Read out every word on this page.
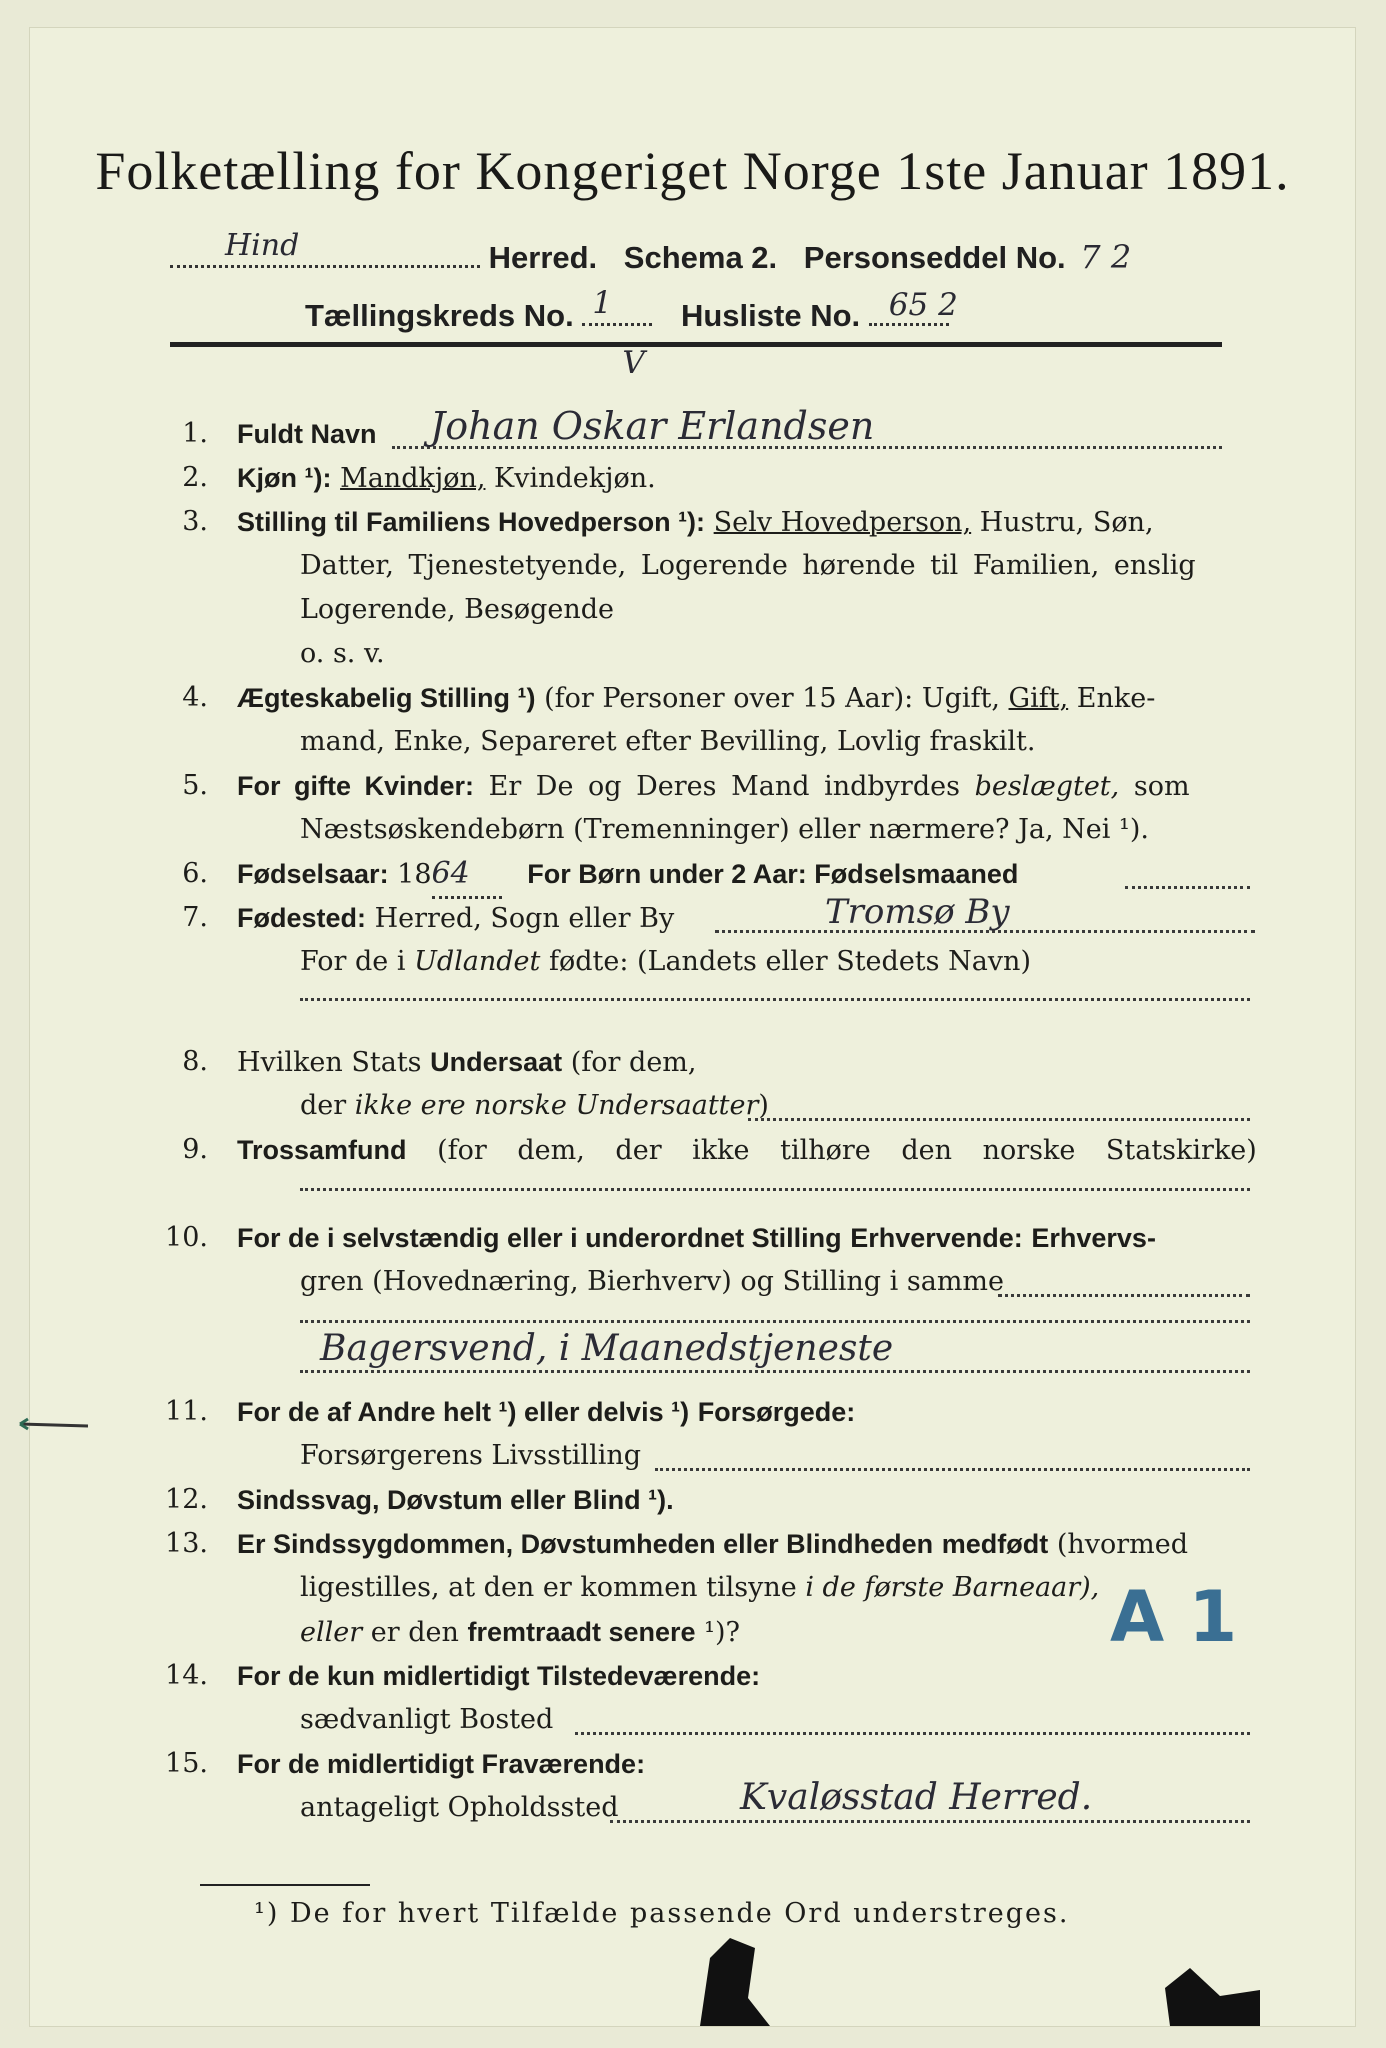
Folketælling for Kongeriget Norge 1ste Januar 1891.
Hind	Herred. Schema 2. Personseddel No. 7 2
Tællingskreds No. 1
V
Husliste No. 65 2
1. Fuldt Navn	Johan Oskar Erlandsen
2. Kjøn ¹): Mandkjøn, Kvindekjøn.
3. Stilling til Familiens Hovedperson ¹): Selv Hovedperson, Hustru, Søn,
Datter, Tjenestetyende, Logerende hørende til Familien, enslig
Logerende, Besøgende
o. s. v.
4. Ægteskabelig Stilling ¹) (for Personer over 15 Aar): Ugift, Gift, Enke-
mand, Enke, Separeret efter Bevilling, Lovlig fraskilt.
5. For gifte Kvinder: Er De og Deres Mand indbyrdes beslægtet, som
Næstsøskendebørn (Tremenninger) eller nærmere? Ja, Nei ¹).
6. Fødselsaar: 1864 For Børn under 2 Aar: Fødselsmaaned
7. Fødested: Herred, Sogn eller By	Tromsø By
For de i Udlandet fødte: (Landets eller Stedets Navn)
8. Hvilken Stats Undersaat (for dem,
der ikke ere norske Undersaatter)
9. Trossamfund (for dem, der ikke tilhøre den norske Statskirke)
10. For de i selvstændig eller i underordnet Stilling Erhvervende: Erhvervs-
gren (Hovednæring, Bierhverv) og Stilling i samme
Bagersvend, i Maanedstjeneste
11. For de af Andre helt ¹) eller delvis ¹) Forsørgede:
Forsørgerens Livsstilling
12. Sindssvag, Døvstum eller Blind ¹).
13. Er Sindssygdommen, Døvstumheden eller Blindheden medfødt (hvormed
ligestilles, at den er kommen tilsyne i de første Barneaar),
eller er den fremtraadt senere ¹)?	A 1
14. For de kun midlertidigt Tilstedeværende:
sædvanligt Bosted
15. For de midlertidigt Fraværende:
antageligt Opholdssted	Kvaløsstad Herred.
¹) De for hvert Tilfælde passende Ord understreges.
